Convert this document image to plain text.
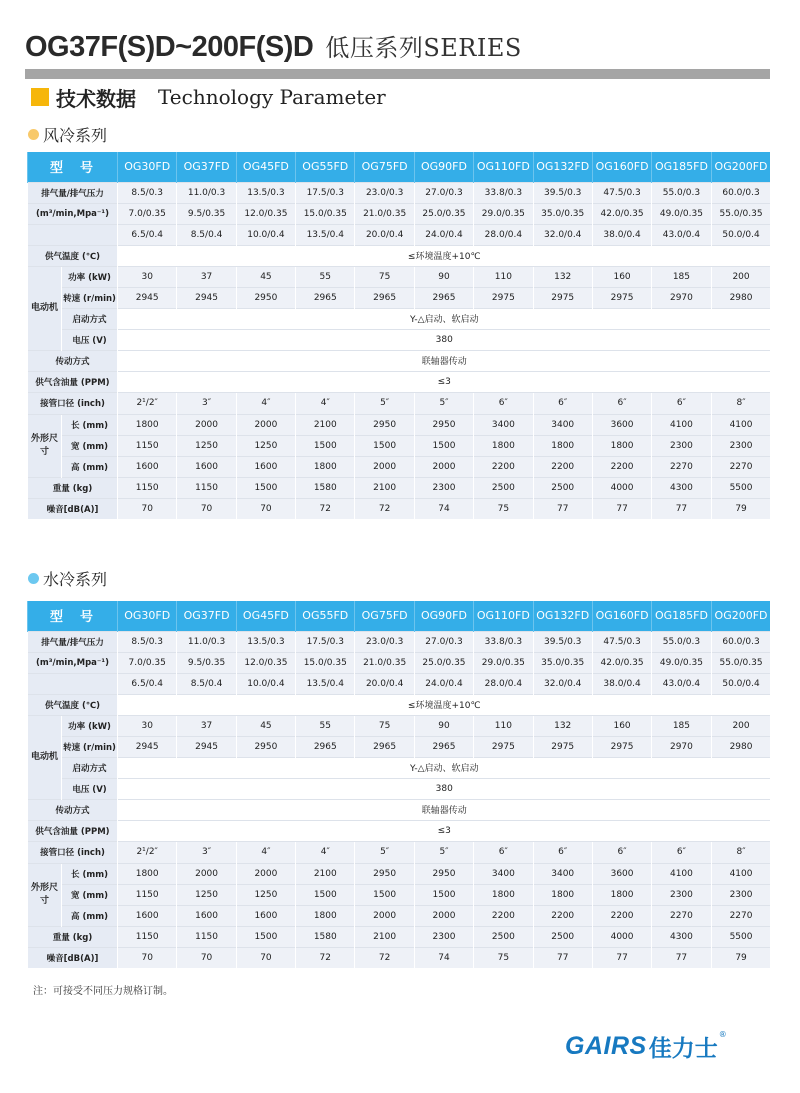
OG37F(S)D~200F(S)D 低压系列SERIES
技术数据 Technology Parameter
风冷系列
水冷系列
型　号		OG30FD	OG37FD	OG45FD	OG55FD	OG75FD	OG90FD	OG110FD	OG132FD	OG160FD	OG185FD	OG200FD
排气量/排气压力		8.5/0.3	11.0/0.3	13.5/0.3	17.5/0.3	23.0/0.3	27.0/0.3	33.8/0.3	39.5/0.3	47.5/0.3	55.0/0.3	60.0/0.3
(m³/min,Mpa⁻¹)		7.0/0.35	9.5/0.35	12.0/0.35	15.0/0.35	21.0/0.35	25.0/0.35	29.0/0.35	35.0/0.35	42.0/0.35	49.0/0.35	55.0/0.35
		6.5/0.4	8.5/0.4	10.0/0.4	13.5/0.4	20.0/0.4	24.0/0.4	28.0/0.4	32.0/0.4	38.0/0.4	43.0/0.4	50.0/0.4
供气温度 (℃)		≤环境温度+10℃										
电动机	功率 (kW)	30	37	45	55	75	90	110	132	160	185	200
	转速 (r/min)	2945	2945	2950	2965	2965	2965	2975	2975	2975	2970	2980
	启动方式	Y-△启动、软启动										
	电压 (V)	380										
传动方式		联轴器传动										
供气含油量 (PPM)		≤3										
接管口径 (inch)		2¹/2″	3″	4″	4″	5″	5″	6″	6″	6″	6″	8″
外形尺寸	长 (mm)	1800	2000	2000	2100	2950	2950	3400	3400	3600	4100	4100
	宽 (mm)	1150	1250	1250	1500	1500	1500	1800	1800	1800	2300	2300
	高 (mm)	1600	1600	1600	1800	2000	2000	2200	2200	2200	2270	2270
重量 (kg)		1150	1150	1500	1580	2100	2300	2500	2500	4000	4300	5500
噪音[dB(A)]		70	70	70	72	72	74	75	77	77	77	79
型　号		OG30FD	OG37FD	OG45FD	OG55FD	OG75FD	OG90FD	OG110FD	OG132FD	OG160FD	OG185FD	OG200FD
排气量/排气压力		8.5/0.3	11.0/0.3	13.5/0.3	17.5/0.3	23.0/0.3	27.0/0.3	33.8/0.3	39.5/0.3	47.5/0.3	55.0/0.3	60.0/0.3
(m³/min,Mpa⁻¹)		7.0/0.35	9.5/0.35	12.0/0.35	15.0/0.35	21.0/0.35	25.0/0.35	29.0/0.35	35.0/0.35	42.0/0.35	49.0/0.35	55.0/0.35
		6.5/0.4	8.5/0.4	10.0/0.4	13.5/0.4	20.0/0.4	24.0/0.4	28.0/0.4	32.0/0.4	38.0/0.4	43.0/0.4	50.0/0.4
供气温度 (℃)		≤环境温度+10℃										
电动机	功率 (kW)	30	37	45	55	75	90	110	132	160	185	200
	转速 (r/min)	2945	2945	2950	2965	2965	2965	2975	2975	2975	2970	2980
	启动方式	Y-△启动、软启动										
	电压 (V)	380										
传动方式		联轴器传动										
供气含油量 (PPM)		≤3										
接管口径 (inch)		2¹/2″	3″	4″	4″	5″	5″	6″	6″	6″	6″	8″
外形尺寸	长 (mm)	1800	2000	2000	2100	2950	2950	3400	3400	3600	4100	4100
	宽 (mm)	1150	1250	1250	1500	1500	1500	1800	1800	1800	2300	2300
	高 (mm)	1600	1600	1600	1800	2000	2000	2200	2200	2200	2270	2270
重量 (kg)		1150	1150	1500	1580	2100	2300	2500	2500	4000	4300	5500
噪音[dB(A)]		70	70	70	72	72	74	75	77	77	77	79
注：可接受不同压力规格订制。
GAIRS 佳力士
®
